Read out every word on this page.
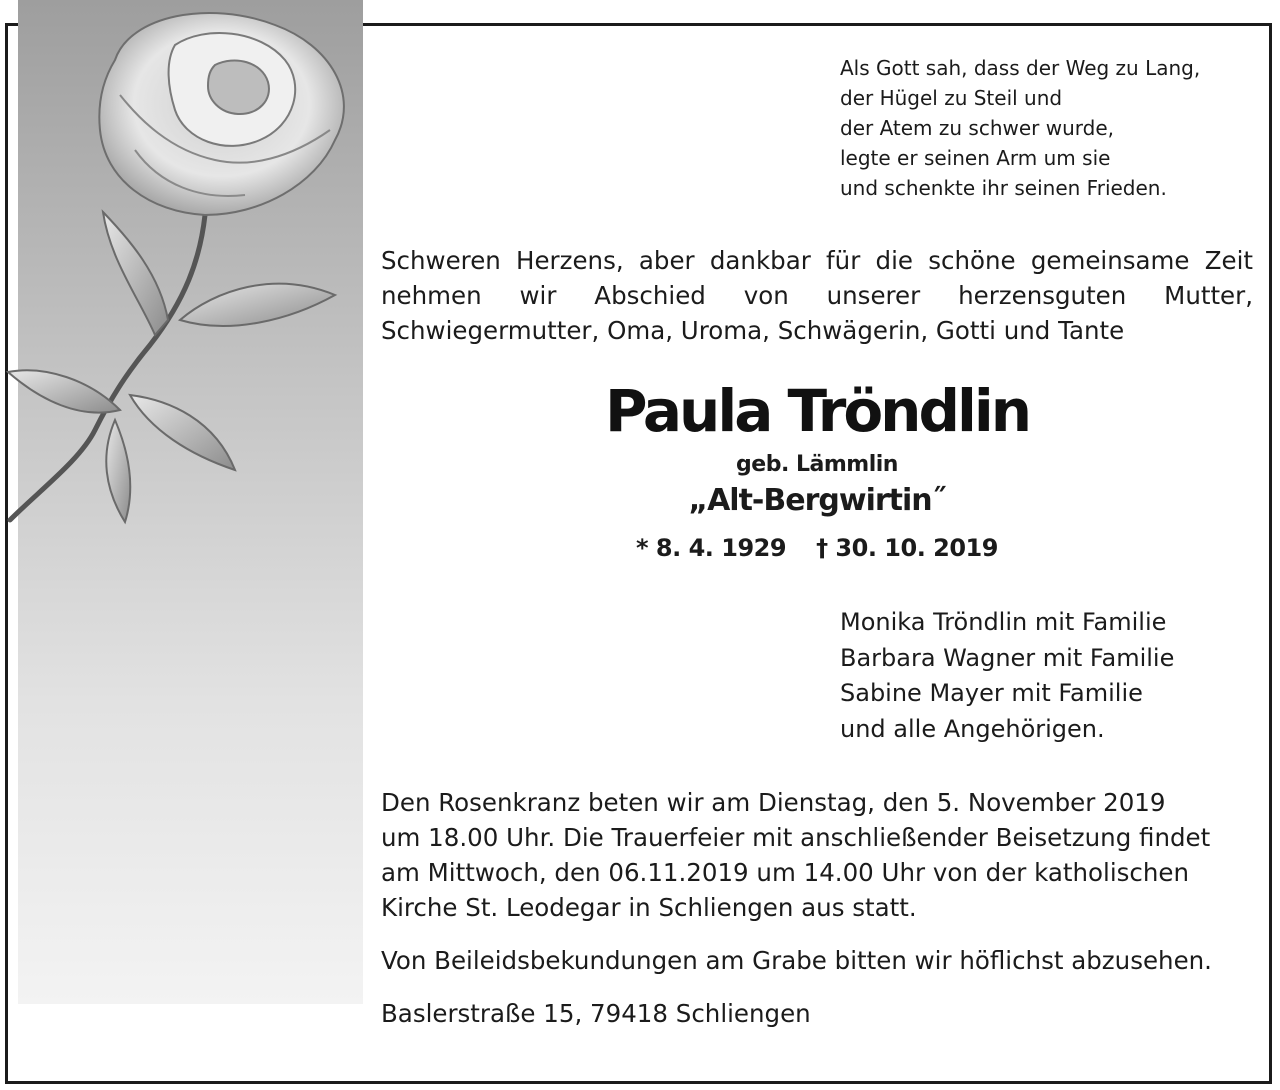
Als Gott sah, dass der Weg zu Lang,

der Hügel zu Steil und

der Atem zu schwer wurde,

legte er seinen Arm um sie

und schenkte ihr seinen Frieden.

Schweren Herzens, aber dankbar für die schöne gemeinsame Zeit nehmen wir Abschied von unserer herzensguten Mutter, Schwiegermutter, Oma, Uroma, Schwägerin, Gotti und Tante

Paula Tröndlin

geb. Lämmlin

„Alt-Bergwirtin˝

* 8. 4. 1929 † 30. 10. 2019

Monika Tröndlin mit Familie

Barbara Wagner mit Familie

Sabine Mayer mit Familie

und alle Angehörigen.

Den Rosenkranz beten wir am Dienstag, den 5. November 2019

um 18.00 Uhr. Die Trauerfeier mit anschließender Beisetzung findet

am Mittwoch, den 06.11.2019 um 14.00 Uhr von der katholischen

Kirche St. Leodegar in Schliengen aus statt.

Von Beileidsbekundungen am Grabe bitten wir höflichst abzusehen.

Baslerstraße 15, 79418 Schliengen
